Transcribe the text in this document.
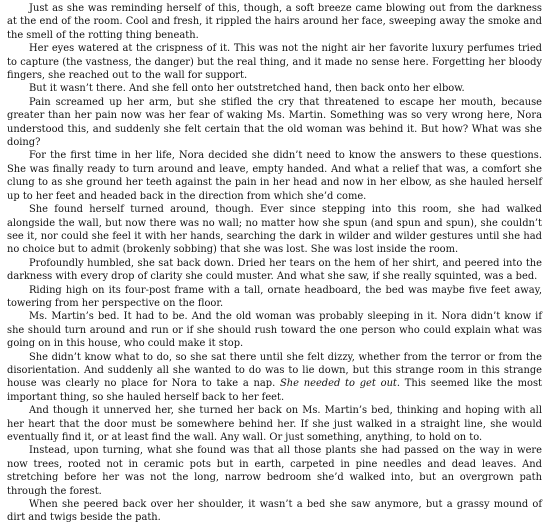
Just as she was reminding herself of this, though, a soft breeze came blowing out from the darkness at the end of the room. Cool and fresh, it rippled the hairs around her face, sweeping away the smoke and the smell of the rotting thing beneath.

Her eyes watered at the crispness of it. This was not the night air her favorite luxury perfumes tried to capture (the vastness, the danger) but the real thing, and it made no sense here. Forgetting her bloody fingers, she reached out to the wall for support.

But it wasn’t there. And she fell onto her outstretched hand, then back onto her elbow.

Pain screamed up her arm, but she stifled the cry that threatened to escape her mouth, because greater than her pain now was her fear of waking Ms. Martin. Something was so very wrong here, Nora understood this, and suddenly she felt certain that the old woman was behind it. But how? What was she doing?

For the first time in her life, Nora decided she didn’t need to know the answers to these questions. She was finally ready to turn around and leave, empty handed. And what a relief that was, a comfort she clung to as she ground her teeth against the pain in her head and now in her elbow, as she hauled herself up to her feet and headed back in the direction from which she’d come.

She found herself turned around, though. Ever since stepping into this room, she had walked alongside the wall, but now there was no wall; no matter how she spun (and spun and spun), she couldn’t see it, nor could she feel it with her hands, searching the dark in wilder and wilder gestures until she had no choice but to admit (brokenly sobbing) that she was lost. She was lost inside the room.

Profoundly humbled, she sat back down. Dried her tears on the hem of her shirt, and peered into the darkness with every drop of clarity she could muster. And what she saw, if she really squinted, was a bed.

Riding high on its four-post frame with a tall, ornate headboard, the bed was maybe five feet away, towering from her perspective on the floor.

Ms. Martin’s bed. It had to be. And the old woman was probably sleeping in it. Nora didn’t know if she should turn around and run or if she should rush toward the one person who could explain what was going on in this house, who could make it stop.

She didn’t know what to do, so she sat there until she felt dizzy, whether from the terror or from the disorientation. And suddenly all she wanted to do was to lie down, but this strange room in this strange house was clearly no place for Nora to take a nap. She needed to get out. This seemed like the most important thing, so she hauled herself back to her feet.

And though it unnerved her, she turned her back on Ms. Martin’s bed, thinking and hoping with all her heart that the door must be somewhere behind her. If she just walked in a straight line, she would eventually find it, or at least find the wall. Any wall. Or just something, anything, to hold on to.

Instead, upon turning, what she found was that all those plants she had passed on the way in were now trees, rooted not in ceramic pots but in earth, carpeted in pine needles and dead leaves. And stretching before her was not the long, narrow bedroom she’d walked into, but an overgrown path through the forest.

When she peered back over her shoulder, it wasn’t a bed she saw anymore, but a grassy mound of dirt and twigs beside the path.
